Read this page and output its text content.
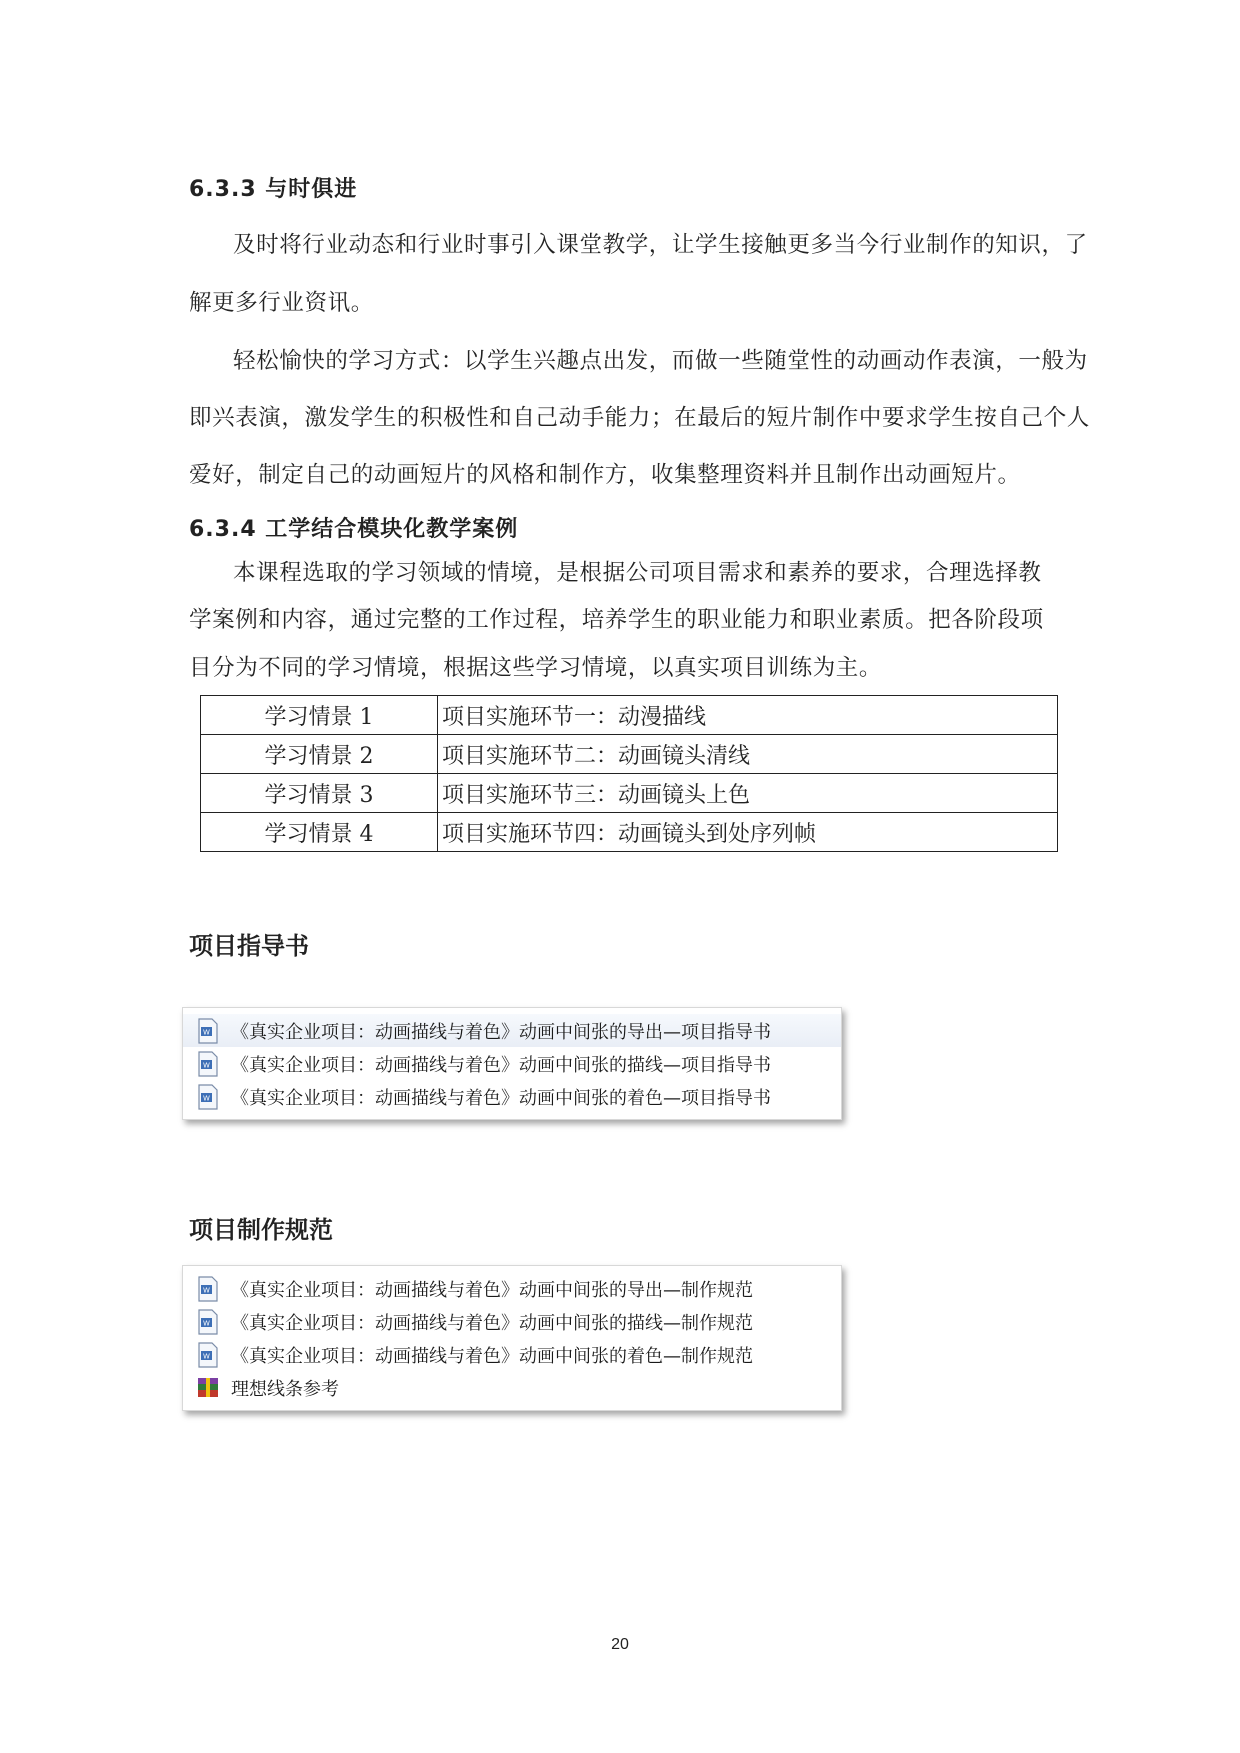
6.3.3 与时俱进
及时将行业动态和行业时事引入课堂教学，让学生接触更多当今行业制作的知识，了
解更多行业资讯。
轻松愉快的学习方式：以学生兴趣点出发，而做一些随堂性的动画动作表演，一般为
即兴表演，激发学生的积极性和自己动手能力；在最后的短片制作中要求学生按自己个人
爱好，制定自己的动画短片的风格和制作方，收集整理资料并且制作出动画短片。
6.3.4 工学结合模块化教学案例
本课程选取的学习领域的情境，是根据公司项目需求和素养的要求，合理选择教
学案例和内容，通过完整的工作过程，培养学生的职业能力和职业素质。把各阶段项
目分为不同的学习情境，根据这些学习情境，以真实项目训练为主。
学习情景 1	项目实施环节一：动漫描线
学习情景 2	项目实施环节二：动画镜头清线
学习情景 3	项目实施环节三：动画镜头上色
学习情景 4	项目实施环节四：动画镜头到处序列帧
项目指导书
W 《真实企业项目：动画描线与着色》动画中间张的导出—项目指导书
W 《真实企业项目：动画描线与着色》动画中间张的描线—项目指导书
W 《真实企业项目：动画描线与着色》动画中间张的着色—项目指导书
项目制作规范
W 《真实企业项目：动画描线与着色》动画中间张的导出—制作规范
W 《真实企业项目：动画描线与着色》动画中间张的描线—制作规范
W 《真实企业项目：动画描线与着色》动画中间张的着色—制作规范
理想线条参考
20
